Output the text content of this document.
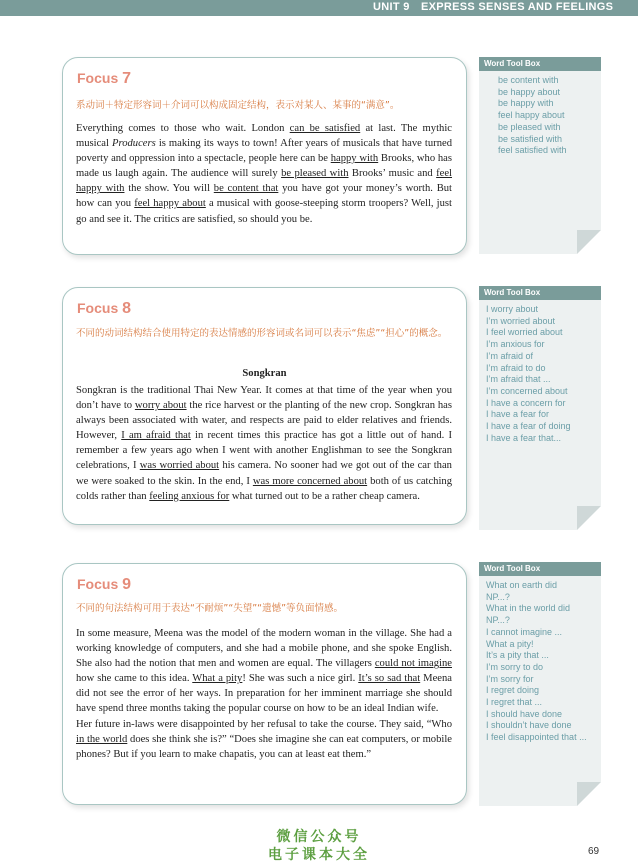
UNIT 9 EXPRESS SENSES AND FEELINGS
Focus 7
系动词＋特定形容词＋介词可以构成固定结构，表示对某人、某事的“满意”。
Everything comes to those who wait. London can be satisfied at last. The mythic musical Producers is making its ways to town! After years of musicals that have turned poverty and oppression into a spectacle, people here can be happy with Brooks, who has made us laugh again. The audience will surely be pleased with Brooks’ music and feel happy with the show. You will be content that you have got your money’s worth. But how can you feel happy about a musical with goose-steeping storm troopers? Well, just go and see it. The critics are satisfied, so should you be.
Word Tool Box
be content with
be happy about
be happy with
feel happy about
be pleased with
be satisfied with
feel satisfied with
Focus 8
不同的动词结构结合使用特定的表达情感的形容词或名词可以表示“焦虑”“担心”的概念。
Songkran
Songkran is the traditional Thai New Year. It comes at that time of the year when you don’t have to worry about the rice harvest or the planting of the new crop. Songkran has always been associated with water, and respects are paid to elder relatives and friends. However, I am afraid that in recent times this practice has got a little out of hand. I remember a few years ago when I went with another Englishman to see the Songkran celebrations, I was worried about his camera. No sooner had we got out of the car than we were soaked to the skin. In the end, I was more concerned about both of us catching colds rather than feeling anxious for what turned out to be a rather cheap camera.
Word Tool Box
I worry about
I’m worried about
I feel worried about
I’m anxious for
I’m afraid of
I’m afraid to do
I’m afraid that ...
I’m concerned about
I have a concern for
I have a fear for
I have a fear of doing
I have a fear that...
Focus 9
不同的句法结构可用于表达“不耐烦”“失望”“遗憾”等负面情感。
In some measure, Meena was the model of the modern woman in the village. She had a working knowledge of computers, and she had a mobile phone, and she spoke English. She also had the notion that men and women are equal. The villagers could not imagine how she came to this idea. What a pity! She was such a nice girl. It’s so sad that Meena did not see the error of her ways. In preparation for her imminent marriage she should have spend three months taking the popular course on how to be an ideal Indian wife.
Her future in-laws were disappointed by her refusal to take the course. They said, “Who in the world does she think she is?” “Does she imagine she can eat computers, or mobile phones? But if you learn to make chapatis, you can at least eat them.”
Word Tool Box
What on earth did
NP...?
What in the world did
NP...?
I cannot imagine ...
What a pity!
It’s a pity that ...
I’m sorry to do
I’m sorry for
I regret doing
I regret that ...
I should have done
I shouldn’t have done
I feel disappointed that ...
微信公众号
电子课本大全	69
